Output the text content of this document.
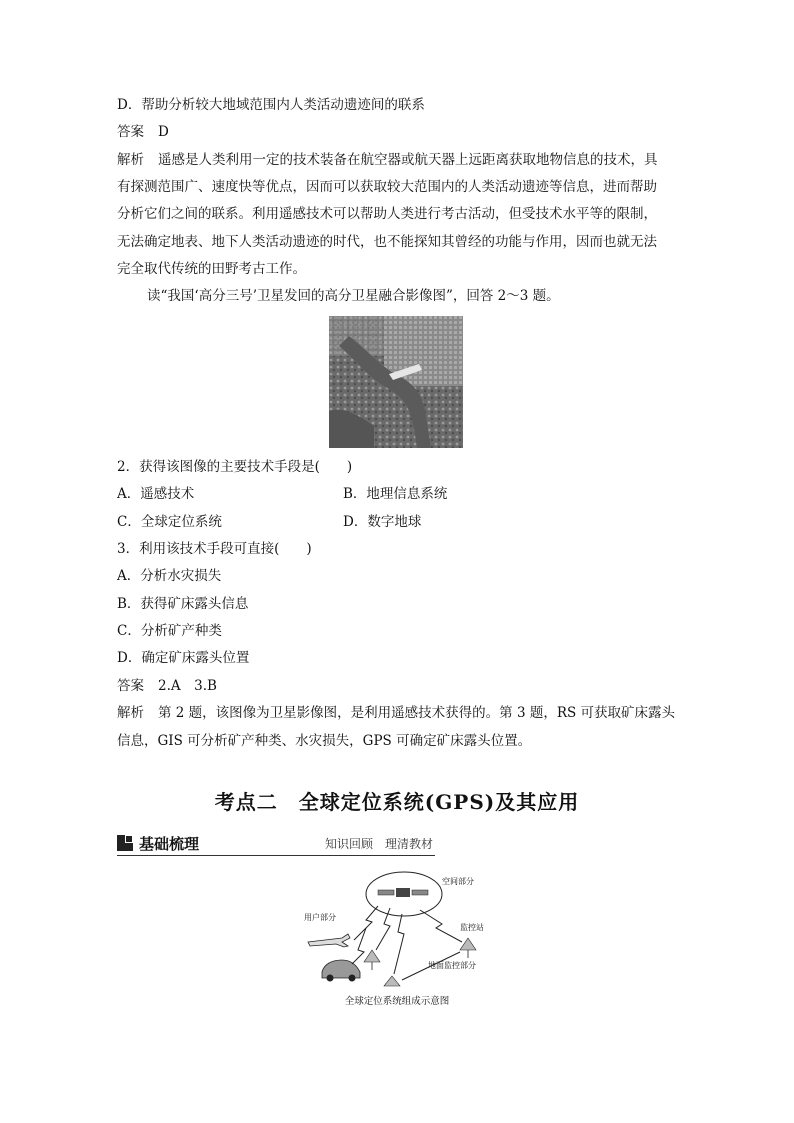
D．帮助分析较大地域范围内人类活动遗迹间的联系
答案 D
解析 遥感是人类利用一定的技术装备在航空器或航天器上远距离获取地物信息的技术，具
有探测范围广、速度快等优点，因而可以获取较大范围内的人类活动遗迹等信息，进而帮助
分析它们之间的联系。利用遥感技术可以帮助人类进行考古活动，但受技术水平等的限制，
无法确定地表、地下人类活动遗迹的时代，也不能探知其曾经的功能与作用，因而也就无法
完全取代传统的田野考古工作。
读“我国‘高分三号’卫星发回的高分卫星融合影像图”，回答 2～3 题。
2．获得该图像的主要技术手段是(　　)
A．遥感技术	B．地理信息系统
C．全球定位系统	D．数字地球
3．利用该技术手段可直接(　　)
A．分析水灾损失
B．获得矿床露头信息
C．分析矿产种类
D．确定矿床露头位置
答案 2.A　3.B
解析 第 2 题，该图像为卫星影像图，是利用遥感技术获得的。第 3 题，RS 可获取矿床露头
信息，GIS 可分析矿产种类、水灾损失，GPS 可确定矿床露头位置。
考点二　全球定位系统(GPS)及其应用
基础梳理	知识回顾　理清教材
空间部分
用户部分
监控站
地面监控部分
全球定位系统组成示意图
